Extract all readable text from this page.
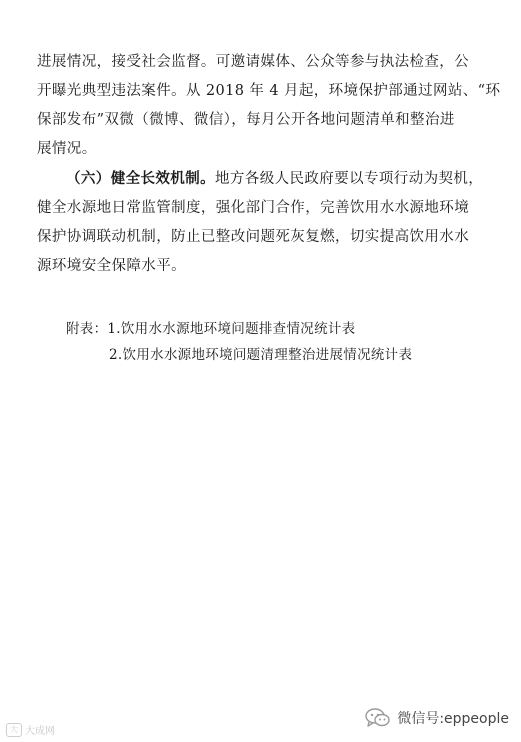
进展情况，接受社会监督。可邀请媒体、公众等参与执法检查，公
开曝光典型违法案件。从 2018 年 4 月起，环境保护部通过网站、“环
保部发布”双微（微博、微信），每月公开各地问题清单和整治进
展情况。
（六）健全长效机制。地方各级人民政府要以专项行动为契机，
健全水源地日常监管制度，强化部门合作，完善饮用水水源地环境
保护协调联动机制，防止已整改问题死灰复燃，切实提高饮用水水
源环境安全保障水平。
附表：1.饮用水水源地环境问题排查情况统计表
2.饮用水水源地环境问题清理整治进展情况统计表
大 大成网
微信号:eppeople
